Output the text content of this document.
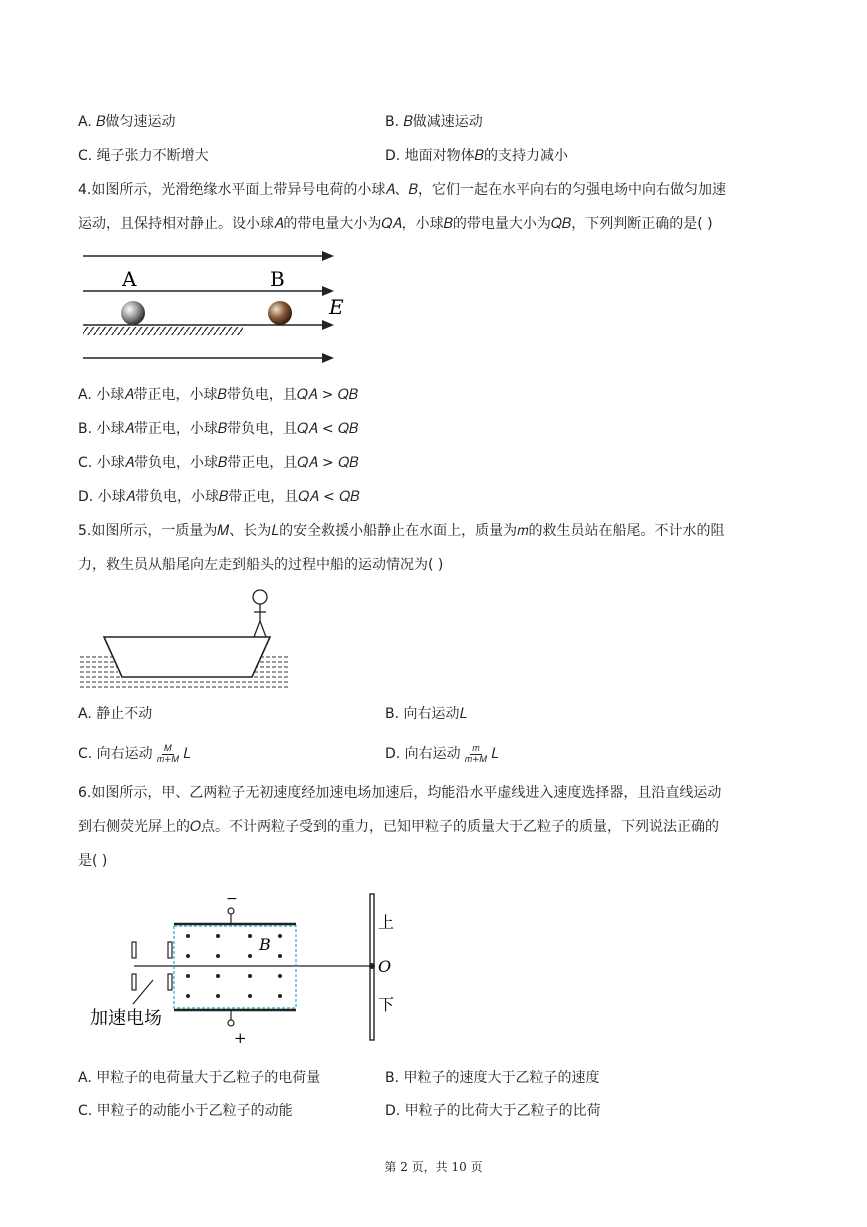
A. 𝐵做匀速运动	B. 𝐵做减速运动
C. 绳子张力不断增大	D. 地面对物体𝐵的支持力减小
4.如图所示，光滑绝缘水平面上带异号电荷的小球𝐴、𝐵，它们一起在水平向右的匀强电场中向右做匀加速
运动，且保持相对静止。设小球𝐴的带电量大小为𝑄𝐴，小球𝐵的带电量大小为𝑄𝐵，下列判断正确的是( )
A	B
E
A. 小球𝐴带正电，小球𝐵带负电，且𝑄𝐴 > 𝑄𝐵
B. 小球𝐴带正电，小球𝐵带负电，且𝑄𝐴 < 𝑄𝐵
C. 小球𝐴带负电，小球𝐵带正电，且𝑄𝐴 > 𝑄𝐵
D. 小球𝐴带负电，小球𝐵带正电，且𝑄𝐴 < 𝑄𝐵
5.如图所示，一质量为𝑀、长为𝐿的安全救援小船静止在水面上，质量为𝑚的救生员站在船尾。不计水的阻
力，救生员从船尾向左走到船头的过程中船的运动情况为( )
A. 静止不动	B. 向右运动𝐿
C. 向右运动 $\frac{\text{𝑀}}{\text{𝑚+𝑀}}$ 𝐿	D. 向右运动 $\frac{\text{𝑚}}{\text{𝑚+𝑀}}$ 𝐿
6.如图所示，甲、乙两粒子无初速度经加速电场加速后，均能沿水平虚线进入速度选择器，且沿直线运动
到右侧荧光屏上的𝑂点。不计两粒子受到的重力，已知甲粒子的质量大于乙粒子的质量，下列说法正确的
是( )
−
+
B
上
O
下
加速电场
A. 甲粒子的电荷量大于乙粒子的电荷量	B. 甲粒子的速度大于乙粒子的速度
C. 甲粒子的动能小于乙粒子的动能	D. 甲粒子的比荷大于乙粒子的比荷
第 2 页，共 10 页
